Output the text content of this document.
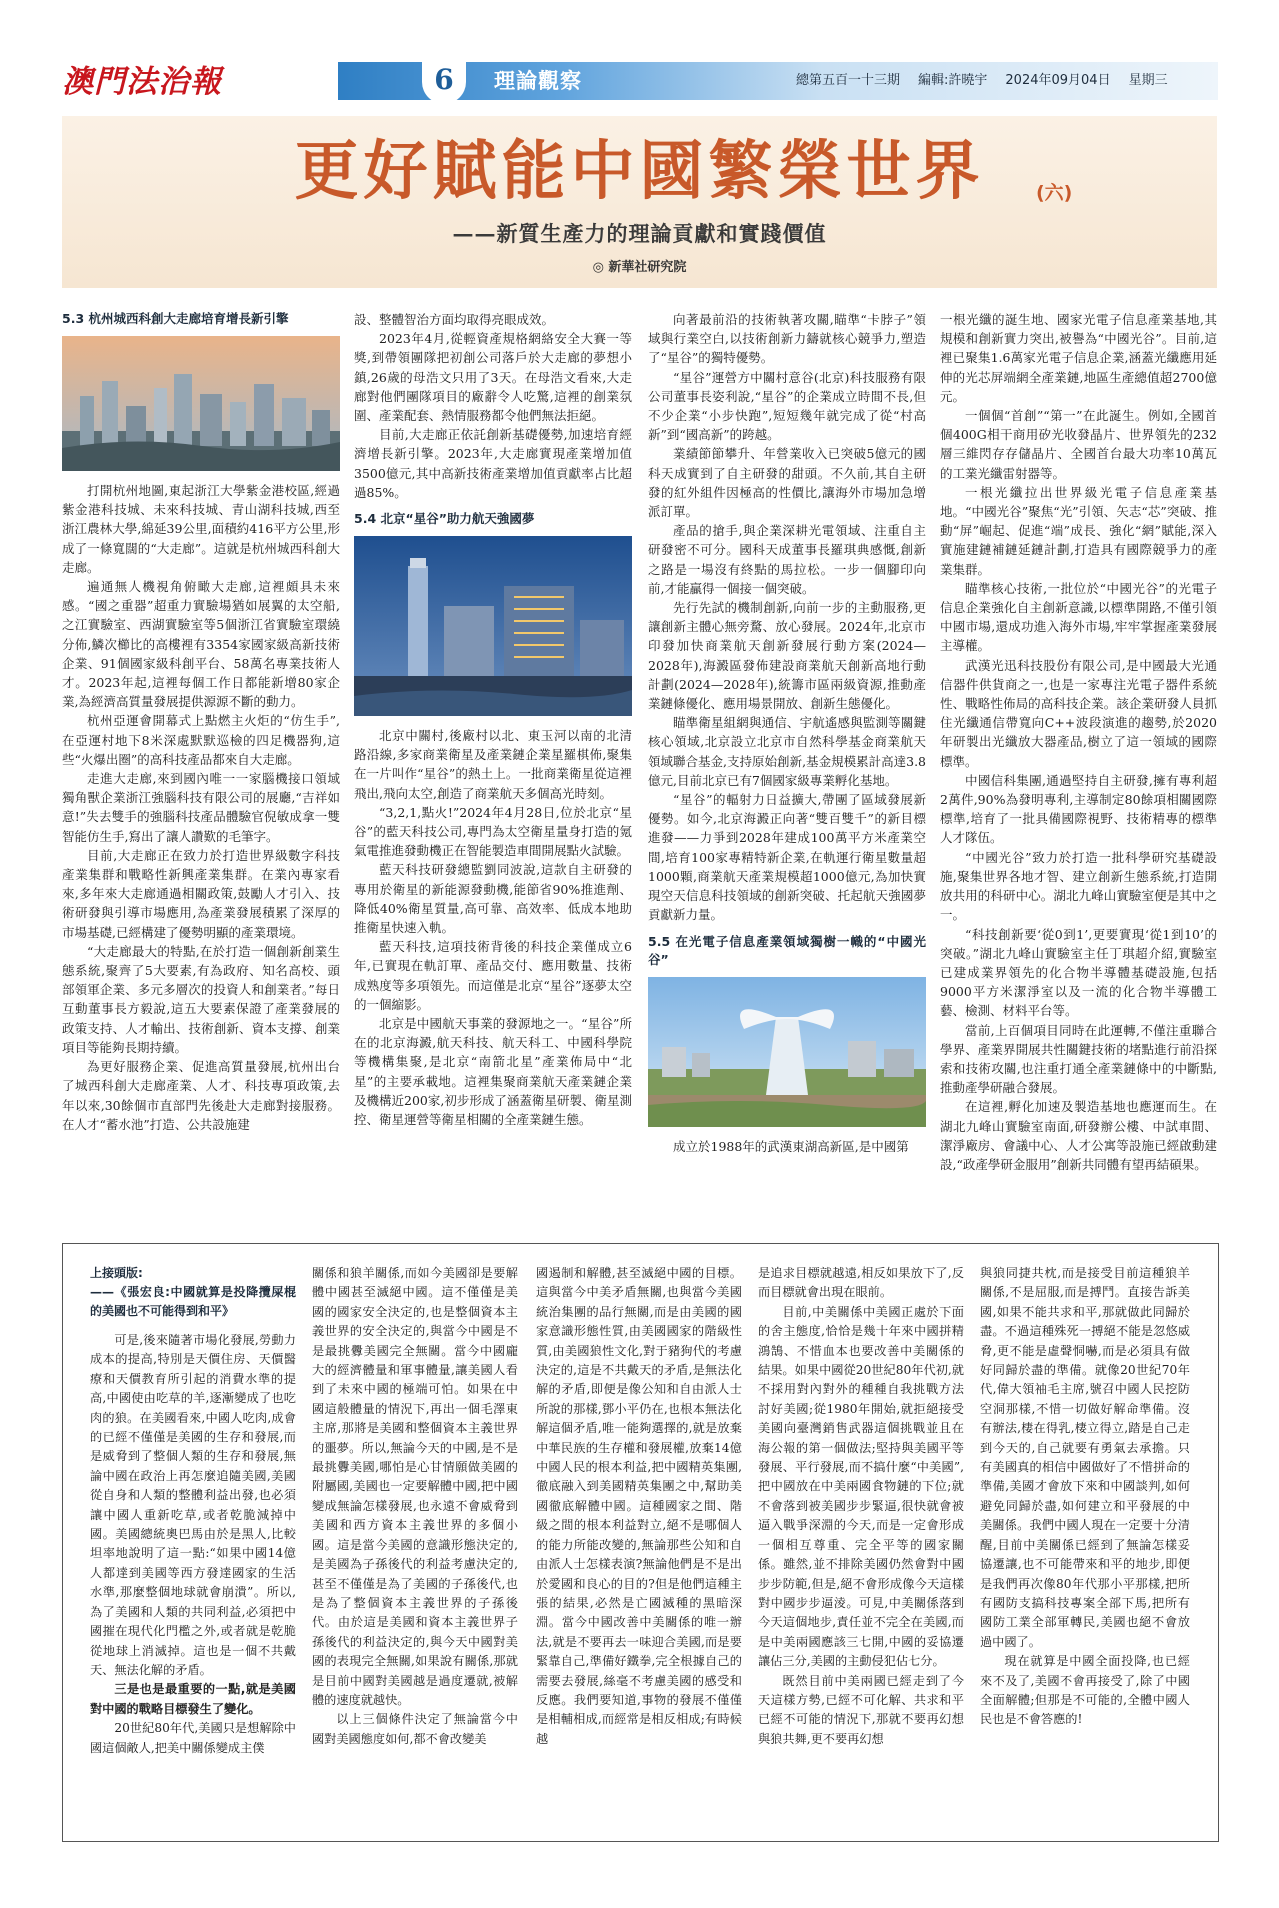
澳門法治報	6	理論觀察	總第五百一十三期 編輯:許曉宇 2024年09月04日 星期三
更好賦能中國繁榮世界	(六)
——新質生產力的理論貢獻和實踐價值
◎ 新華社研究院
5.3 杭州城西科創大走廊培育增長新引擎

打開杭州地圖,東起浙江大學紫金港校區,經過紫金港科技城、未來科技城、青山湖科技城,西至浙江農林大學,綿延39公里,面積約416平方公里,形成了一條寬闊的“大走廊”。這就是杭州城西科創大走廊。

遍通無人機視角俯瞰大走廊,這裡頗具未來感。“國之重器”超重力實驗場猶如展翼的太空船,之江實驗室、西湖實驗室等5個浙江省實驗室環繞分佈,鱗次櫛比的高樓裡有3354家國家級高新技術企業、91個國家級科創平台、58萬名專業技術人才。2023年起,這裡每個工作日都能新增80家企業,為經濟高質量發展提供源源不斷的動力。

杭州亞運會開幕式上點燃主火炬的“仿生手”,在亞運村地下8米深處默默巡檢的四足機器狗,這些“火爆出圈”的高科技產品都來自大走廊。

走進大走廊,來到國內唯一一家腦機接口領域獨角獸企業浙江強腦科技有限公司的展廳,“吉祥如意!”失去雙手的強腦科技產品體驗官倪敏成拿一雙智能仿生手,寫出了讓人讚歎的毛筆字。

目前,大走廊正在致力於打造世界級數字科技產業集群和戰略性新興產業集群。在業內專家看來,多年來大走廊通過相關政策,鼓勵人才引入、技術研發與引導市場應用,為產業發展積累了深厚的市場基礎,已經構建了優勢明顯的產業環境。

“大走廊最大的特點,在於打造一個創新創業生態系統,聚齊了5大要素,有為政府、知名高校、頭部領軍企業、多元多層次的投資人和創業者。”每日互動董事長方毅說,這五大要素保證了產業發展的政策支持、人才輸出、技術創新、資本支撐、創業項目等能夠長期持續。

為更好服務企業、促進高質量發展,杭州出台了城西科創大走廊產業、人才、科技專項政策,去年以來,30餘個市直部門先後赴大走廊對接服務。在人才“蓄水池”打造、公共設施建

設、整體智治方面均取得亮眼成效。

2023年4月,從輕資產規格網絡安全大賽一等獎,到帶領團隊把初創公司落戶於大走廊的夢想小鎮,26歲的母浩文只用了3天。在母浩文看來,大走廊對他們團隊項目的廠辭令人吃驚,這裡的創業氛圍、產業配套、熱情服務都令他們無法拒絕。

目前,大走廊正依託創新基礎優勢,加速培育經濟增長新引擎。2023年,大走廊實現產業增加值3500億元,其中高新技術產業增加值貢獻率占比超過85%。

5.4 北京“星谷”助力航天強國夢

北京中關村,後廠村以北、東玉河以南的北清路沿線,多家商業衛星及產業鏈企業星羅棋佈,聚集在一片叫作“星谷”的熱土上。一批商業衛星從這裡飛出,飛向太空,創造了商業航天多個高光時刻。

“3,2,1,點火!”2024年4月28日,位於北京“星谷”的藍天科技公司,專門為太空衛星量身打造的氪氣電推進發動機正在智能製造車間開展點火試驗。

藍天科技研發總監劉同波說,這款自主研發的專用於衛星的新能源發動機,能節省90%推進劑、降低40%衛星質量,高可靠、高效率、低成本地助推衛星快速入軌。

藍天科技,這項技術背後的科技企業僅成立6年,已實現在軌訂單、產品交付、應用數量、技術成熟度等多項領先。而這僅是北京“星谷”逐夢太空的一個縮影。

北京是中國航天事業的發源地之一。“星谷”所在的北京海澱,航天科技、航天科工、中國科學院等機構集聚,是北京“南箭北星”產業佈局中“北星”的主要承載地。這裡集聚商業航天產業鏈企業及機構近200家,初步形成了涵蓋衛星研製、衛星測控、衛星運營等衛星相關的全產業鏈生態。

向著最前沿的技術執著攻關,瞄準“卡脖子”領域與行業空白,以技術創新力鑄就核心競爭力,塑造了“星谷”的獨特優勢。

“星谷”運營方中關村意谷(北京)科技服務有限公司董事長姿利說,“星谷”的企業成立時間不長,但不少企業“小步快跑”,短短幾年就完成了從“村高新”到“國高新”的跨越。

業績節節攀升、年營業收入已突破5億元的國科天成實到了自主研發的甜頭。不久前,其自主研發的紅外組件因極高的性價比,讓海外市場加急增派訂單。

產品的搶手,與企業深耕光電領域、注重自主研發密不可分。國科天成董事長羅琪典感慨,創新之路是一場沒有終點的馬拉松。一步一個腳印向前,才能贏得一個接一個突破。

先行先試的機制創新,向前一步的主動服務,更讓創新主體心無旁騖、放心發展。2024年,北京市印發加快商業航天創新發展行動方案(2024—2028年),海澱區發佈建設商業航天創新高地行動計劃(2024—2028年),統籌市區兩級資源,推動產業鏈條優化、應用場景開放、創新生態優化。

瞄準衛星組網與通信、宇航遙感與監測等關鍵核心領域,北京設立北京市自然科學基金商業航天領域聯合基金,支持原始創新,基金規模累計高達3.8億元,目前北京已有7個國家級專業孵化基地。

“星谷”的輻射力日益擴大,帶團了區域發展新優勢。如今,北京海澱正向著“雙百雙千”的新目標進發——力爭到2028年建成100萬平方米產業空間,培育100家專精特新企業,在軌運行衛星數量超1000顆,商業航天產業規模超1000億元,為加快實現空天信息科技領域的創新突破、托起航天強國夢貢獻新力量。

5.5 在光電子信息產業領域獨樹一幟的“中國光谷”

成立於1988年的武漢東湖高新區,是中國第

一根光纖的誕生地、國家光電子信息產業基地,其規模和創新實力突出,被譽為“中國光谷”。目前,這裡已聚集1.6萬家光電子信息企業,涵蓋光纖應用延伸的光芯屏端網全產業鏈,地區生產總值超2700億元。

一個個“首創”“第一”在此誕生。例如,全國首個400G相干商用矽光收發晶片、世界領先的232層三維閃存存儲晶片、全國首台最大功率10萬瓦的工業光纖雷射器等。

一根光纖拉出世界級光電子信息產業基地。“中國光谷”聚焦“光”引領、矢志“芯”突破、推動“屏”崛起、促進“端”成長、強化“網”賦能,深入實施建鏈補鏈延鏈計劃,打造具有國際競爭力的產業集群。

瞄準核心技術,一批位於“中國光谷”的光電子信息企業強化自主創新意識,以標準開路,不僅引領中國市場,還成功進入海外市場,牢牢掌握產業發展主導權。

武漢光迅科技股份有限公司,是中國最大光通信器件供貨商之一,也是一家專注光電子器件系統性、戰略性佈局的高科技企業。該企業研發人員抓住光纖通信帶寬向C++波段演進的趨勢,於2020年研製出光纖放大器產品,樹立了這一領域的國際標準。

中國信科集團,通過堅持自主研發,擁有專利超2萬件,90%為發明專利,主導制定80餘項相關國際標準,培育了一批具備國際視野、技術精專的標準人才隊伍。

“中國光谷”致力於打造一批科學研究基礎設施,聚集世界各地才智、建立創新生態系統,打造開放共用的科研中心。湖北九峰山實驗室便是其中之一。

“科技創新要‘從0到1’,更要實現‘從1到10’的突破。”湖北九峰山實驗室主任丁琪超介紹,實驗室已建成業界領先的化合物半導體基礎設施,包括9000平方米潔淨室以及一流的化合物半導體工藝、檢測、材料平台等。

當前,上百個項目同時在此運轉,不僅注重聯合學界、產業界開展共性關鍵技術的堵點進行前沿探索和技術攻關,也注重打通全產業鏈條中的中斷點,推動產學研融合發展。

在這裡,孵化加速及製造基地也應運而生。在湖北九峰山實驗室南面,研發辦公樓、中試車間、潔淨廠房、會議中心、人才公寓等設施已經啟動建設,“政產學研金服用”創新共同體有望再結碩果。

上接頭版:

——《張宏良:中國就算是投降攬屎棍的美國也不可能得到和平》

可是,後來隨著市場化發展,勞動力成本的提高,特別是天價住房、天價醫療和天價教育所引起的消費水準的提高,中國使由吃草的羊,逐漸變成了也吃肉的狼。在美國看來,中國人吃肉,成會的已經不僅僅是美國的生存和發展,而是威脅到了整個人類的生存和發展,無論中國在政治上再怎麼追隨美國,美國從自身和人類的整體利益出發,也必須讓中國人重新吃草,或者乾脆減掉中國。美國總統奧巴馬由於是黑人,比較坦率地說明了這一點:“如果中國14億人都達到美國等西方發達國家的生活水準,那麼整個地球就會崩潰”。所以,為了美國和人類的共同利益,必須把中國摧在現代化門檻之外,或者就是乾脆從地球上消滅掉。這也是一個不共戴天、無法化解的矛盾。

三是也是最重要的一點,就是美國對中國的戰略目標發生了變化。

20世紀80年代,美國只是想解除中國這個敵人,把美中關係變成主僕

關係和狼羊關係,而如今美國卻是要解體中國甚至滅絕中國。這不僅僅是美國的國家安全決定的,也是整個資本主義世界的安全決定的,與當今中國是不是最挑釁美國完全無關。當今中國龐大的經濟體量和軍事體量,讓美國人看到了未來中國的極端可怕。如果在中國這般體量的情況下,再出一個毛澤東主席,那將是美國和整個資本主義世界的噩夢。所以,無論今天的中國,是不是最挑釁美國,哪怕是心甘情願做美國的附屬國,美國也一定要解體中國,把中國變成無論怎樣發展,也永遠不會威脅到美國和西方資本主義世界的多個小國。這是當今美國的意識形態決定的,是美國為子孫後代的利益考慮決定的,甚至不僅僅是為了美國的子孫後代,也是為了整個資本主義世界的子孫後代。由於這是美國和資本主義世界子孫後代的利益決定的,與今天中國對美國的表現完全無關,如果說有關係,那就是目前中國對美國越是過度遷就,被解體的速度就越快。

以上三個條件決定了無論當今中國對美國態度如何,都不會改變美

國遏制和解體,甚至滅絕中國的目標。這與當今中美矛盾無關,也與當今美國統治集團的品行無關,而是由美國的國家意識形態性質,由美國國家的階級性質,由美國狼性文化,對于豬狗代的考慮決定的,這是不共戴天的矛盾,是無法化解的矛盾,即便是像公知和自由派人士所說的那樣,鄧小平仍在,也根本無法化解這個矛盾,唯一能夠選擇的,就是放棄中華民族的生存權和發展權,放棄14億中國人民的根本利益,把中國精英集團,徹底融入到美國精英集團之中,幫助美國徹底解體中國。這種國家之間、階級之間的根本利益對立,絕不是哪個人的能力所能改變的,無論那些公知和自由派人士怎樣表演?無論他們是不是出於愛國和良心的目的?但是他們這種主張的結果,必然是亡國滅種的黑暗深淵。當今中國改善中美關係的唯一辦法,就是不要再去一味迎合美國,而是要緊靠自己,準備好鐵拳,完全根據自己的需要去發展,絲毫不考慮美國的感受和反應。我們要知道,事物的發展不僅僅是相輔相成,而經常是相反相成;有時候越

是追求目標就越遠,相反如果放下了,反而目標就會出現在眼前。

目前,中美關係中美國正處於下面的舍主態度,恰恰是幾十年來中國拼精鴻鵠、不惜血本也要改善中美關係的結果。如果中國從20世紀80年代初,就不採用對內對外的種種自我挑戰方法討好美國;從1980年開始,就拒絕接受美國向臺灣銷售武器這個挑戰並且在海公報的第一個做法;堅持與美國平等發展、平行發展,而不搞什麼“中美國”,把中國放在中美兩國食物鏈的下位;就不會落到被美國步步緊逼,很快就會被逼入戰爭深淵的今天,而是一定會形成一個相互尊重、完全平等的國家關係。雖然,並不排除美國仍然會對中國步步防範,但是,絕不會形成像今天這樣對中國步步逼淩。可見,中美關係落到今天這個地步,責任並不完全在美國,而是中美兩國應該三七開,中國的妥協遷讓佔三分,美國的主動侵犯佔七分。

既然目前中美兩國已經走到了今天這樣方勢,已經不可化解、共求和平已經不可能的情況下,那就不要再幻想與狼共舞,更不要再幻想

與狼同捷共枕,而是接受目前這種狼羊關係,不是屈服,而是搏鬥。直接告訴美國,如果不能共求和平,那就做此同歸於盡。不過這種殊死一搏絕不能是忽悠威脅,更不能是虛聲恫嚇,而是必須具有做好同歸於盡的準備。就像20世紀70年代,偉大領袖毛主席,號召中國人民挖防空洞那樣,不惜一切做好解命準備。沒有辦法,棲在得乳,棲立得立,踏是自己走到今天的,自己就要有勇氣去承擔。只有美國真的相信中國做好了不惜拼命的準備,美國才會放下來和中國談判,如何避免同歸於盡,如何建立和平發展的中美關係。我們中國人現在一定要十分清醒,目前中美關係已經到了無論怎樣妥協遷讓,也不可能帶來和平的地步,即便是我們再次像80年代那小平那樣,把所有國防支搞科技專案全部下馬,把所有國防工業全部軍轉民,美國也絕不會放過中國了。

現在就算是中國全面投降,也已經來不及了,美國不會再接受了,除了中國全面解體;但那是不可能的,全體中國人民也是不會答應的!
